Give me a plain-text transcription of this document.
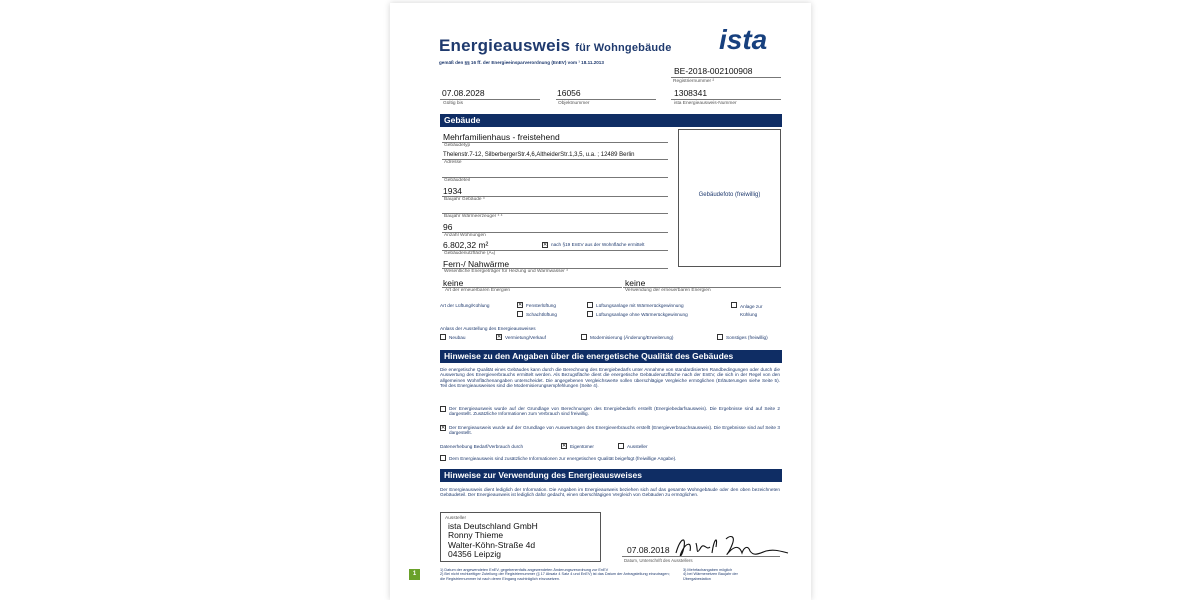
Energieausweis für Wohngebäude
gemäß den §§ 16 ff. der Energieeinsparverordnung (EnEV) vom ¹ 18.11.2013
ista
BE-2018-002100908
Registriernummer ²
07.08.2028
Gültig bis
16056
Objektnummer
1308341
ista Energieausweis-Nummer
Gebäude
Mehrfamilienhaus - freistehend
Gebäudetyp
Thelenstr.7-12, SilberbergerStr.4,6,AltheiderStr.1,3,5, u.a. ; 12489 Berlin
Adresse
Gebäudeteil
1934
Baujahr Gebäude ³
Baujahr Wärmeerzeuger ³ ⁴
96
Anzahl Wohnungen
6.802,32 m²	✕ nach §19 EnEV aus der Wohnfläche ermittelt
Gebäudenutzfläche (Aₙ)
Fern-/ Nahwärme
Wesentliche Energieträger für Heizung und Warmwasser ³
keine
Art der erneuerbaren Energien
keine
Verwendung der erneuerbaren Energien
Gebäudefoto (freiwillig)
Art der Lüftung/Kühlung	✕ Fensterlüftung
Schachtlüftung
Lüftungsanlage mit Wärmerückgewinnung
Lüftungsanlage ohne Wärmerückgewinnung
Anlage zur Kühlung
Anlass der Ausstellung des Energieausweises
Neubau	✕ Vermietung/Verkauf	Modernisierung (Änderung/Erweiterung)	Sonstiges (freiwillig)
Hinweise zu den Angaben über die energetische Qualität des Gebäudes
Die energetische Qualität eines Gebäudes kann durch die Berechnung des Energiebedarfs unter Annahme von standardisierten Randbedingungen oder durch die Auswertung des Energieverbrauchs ermittelt werden. Als Bezugsfläche dient die energetische Gebäudenutzfläche nach der EnEV, die sich in der Regel von den allgemeinen Wohnflächenangaben unterscheidet. Die angegebenen Vergleichswerte sollen überschlägige Vergleiche ermöglichen (Erläuterungen siehe Seite 5). Teil des Energieausweises sind die Modernisierungsempfehlungen (Seite 4).
Der Energieausweis wurde auf der Grundlage von Berechnungen des Energiebedarfs erstellt (Energiebedarfsausweis). Die Ergebnisse sind auf Seite 2 dargestellt. Zusätzliche Informationen zum Verbrauch sind freiwillig.
✕ Der Energieausweis wurde auf der Grundlage von Auswertungen des Energieverbrauchs erstellt (Energieverbrauchsausweis). Die Ergebnisse sind auf Seite 3 dargestellt.
Datenerhebung Bedarf/Verbrauch durch	✕ Eigentümer	Aussteller
Dem Energieausweis sind zusätzliche Informationen zur energetischen Qualität beigefügt (freiwillige Angabe).
Hinweise zur Verwendung des Energieausweises
Der Energieausweis dient lediglich der Information. Die Angaben im Energieausweis beziehen sich auf das gesamte Wohngebäude oder den oben bezeichneten Gebäudeteil. Der Energieausweis ist lediglich dafür gedacht, einen überschlägigen Vergleich von Gebäuden zu ermöglichen.
Aussteller
ista Deutschland GmbH
Ronny Thieme
Walter-Köhn-Straße 4d
04356 Leipzig	07.08.2018
Datum, Unterschrift des Ausstellers
1) Datum der angewendeten EnEV, gegebenenfalls angewendeten Änderungsverordnung zur EnEV
2) Bei nicht rechtzeitiger Zuteilung der Registriernummer (§ 17 Absatz 4 Satz 4 und EnEV) ist das Datum der Antragstellung einzutragen; die Registriernummer ist nach deren Eingang nachträglich einzusetzen.
3) Mehrfachangaben möglich
4) bei Wärmenetzen Baujahr der Übergabestation
1
